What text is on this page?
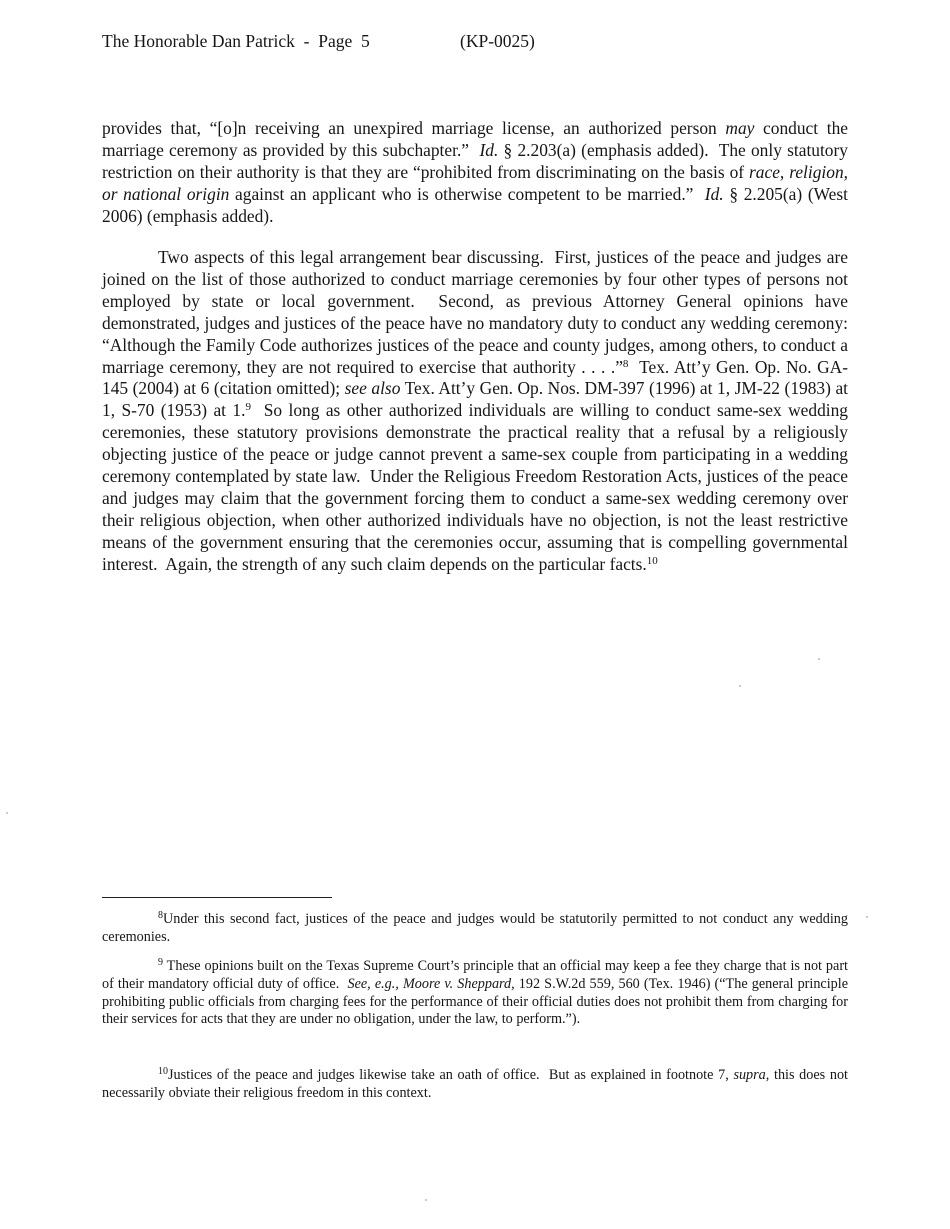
The Honorable Dan Patrick  -  Page  5	(KP-0025)

provides that, “[o]n receiving an unexpired marriage license, an authorized person may conduct the marriage ceremony as provided by this subchapter.”  Id. § 2.203(a) (emphasis added).  The only statutory restriction on their authority is that they are “prohibited from discriminating on the basis of race, religion, or national origin against an applicant who is otherwise competent to be married.”  Id. § 2.205(a) (West 2006) (emphasis added).

Two aspects of this legal arrangement bear discussing.  First, justices of the peace and judges are joined on the list of those authorized to conduct marriage ceremonies by four other types of persons not employed by state or local government.  Second, as previous Attorney General opinions have demonstrated, judges and justices of the peace have no mandatory duty to conduct any wedding ceremony: “Although the Family Code authorizes justices of the peace and county judges, among others, to conduct a marriage ceremony, they are not required to exercise that authority . . . .”$^8$  Tex. Att’y Gen. Op. No. GA-145 (2004) at 6 (citation omitted); see also Tex. Att’y Gen. Op. Nos. DM-397 (1996) at 1, JM-22 (1983) at 1, S-70 (1953) at 1.$^9$  So long as other authorized individuals are willing to conduct same-sex wedding ceremonies, these statutory provisions demonstrate the practical reality that a refusal by a religiously objecting justice of the peace or judge cannot prevent a same-sex couple from participating in a wedding ceremony contemplated by state law.  Under the Religious Freedom Restoration Acts, justices of the peace and judges may claim that the government forcing them to conduct a same-sex wedding ceremony over their religious objection, when other authorized individuals have no objection, is not the least restrictive means of the government ensuring that the ceremonies occur, assuming that is compelling governmental interest.  Again, the strength of any such claim depends on the particular facts.$^{10}$

$^8$Under this second fact, justices of the peace and judges would be statutorily permitted to not conduct any wedding ceremonies.
$^9$ These opinions built on the Texas Supreme Court’s principle that an official may keep a fee they charge that is not part of their mandatory official duty of office.  See, e.g., Moore v. Sheppard, 192 S.W.2d 559, 560 (Tex. 1946) (“The general principle prohibiting public officials from charging fees for the performance of their official duties does not prohibit them from charging for their services for acts that they are under no obligation, under the law, to perform.”).
$^{10}$Justices of the peace and judges likewise take an oath of office.  But as explained in footnote 7, supra, this does not necessarily obviate their religious freedom in this context.
